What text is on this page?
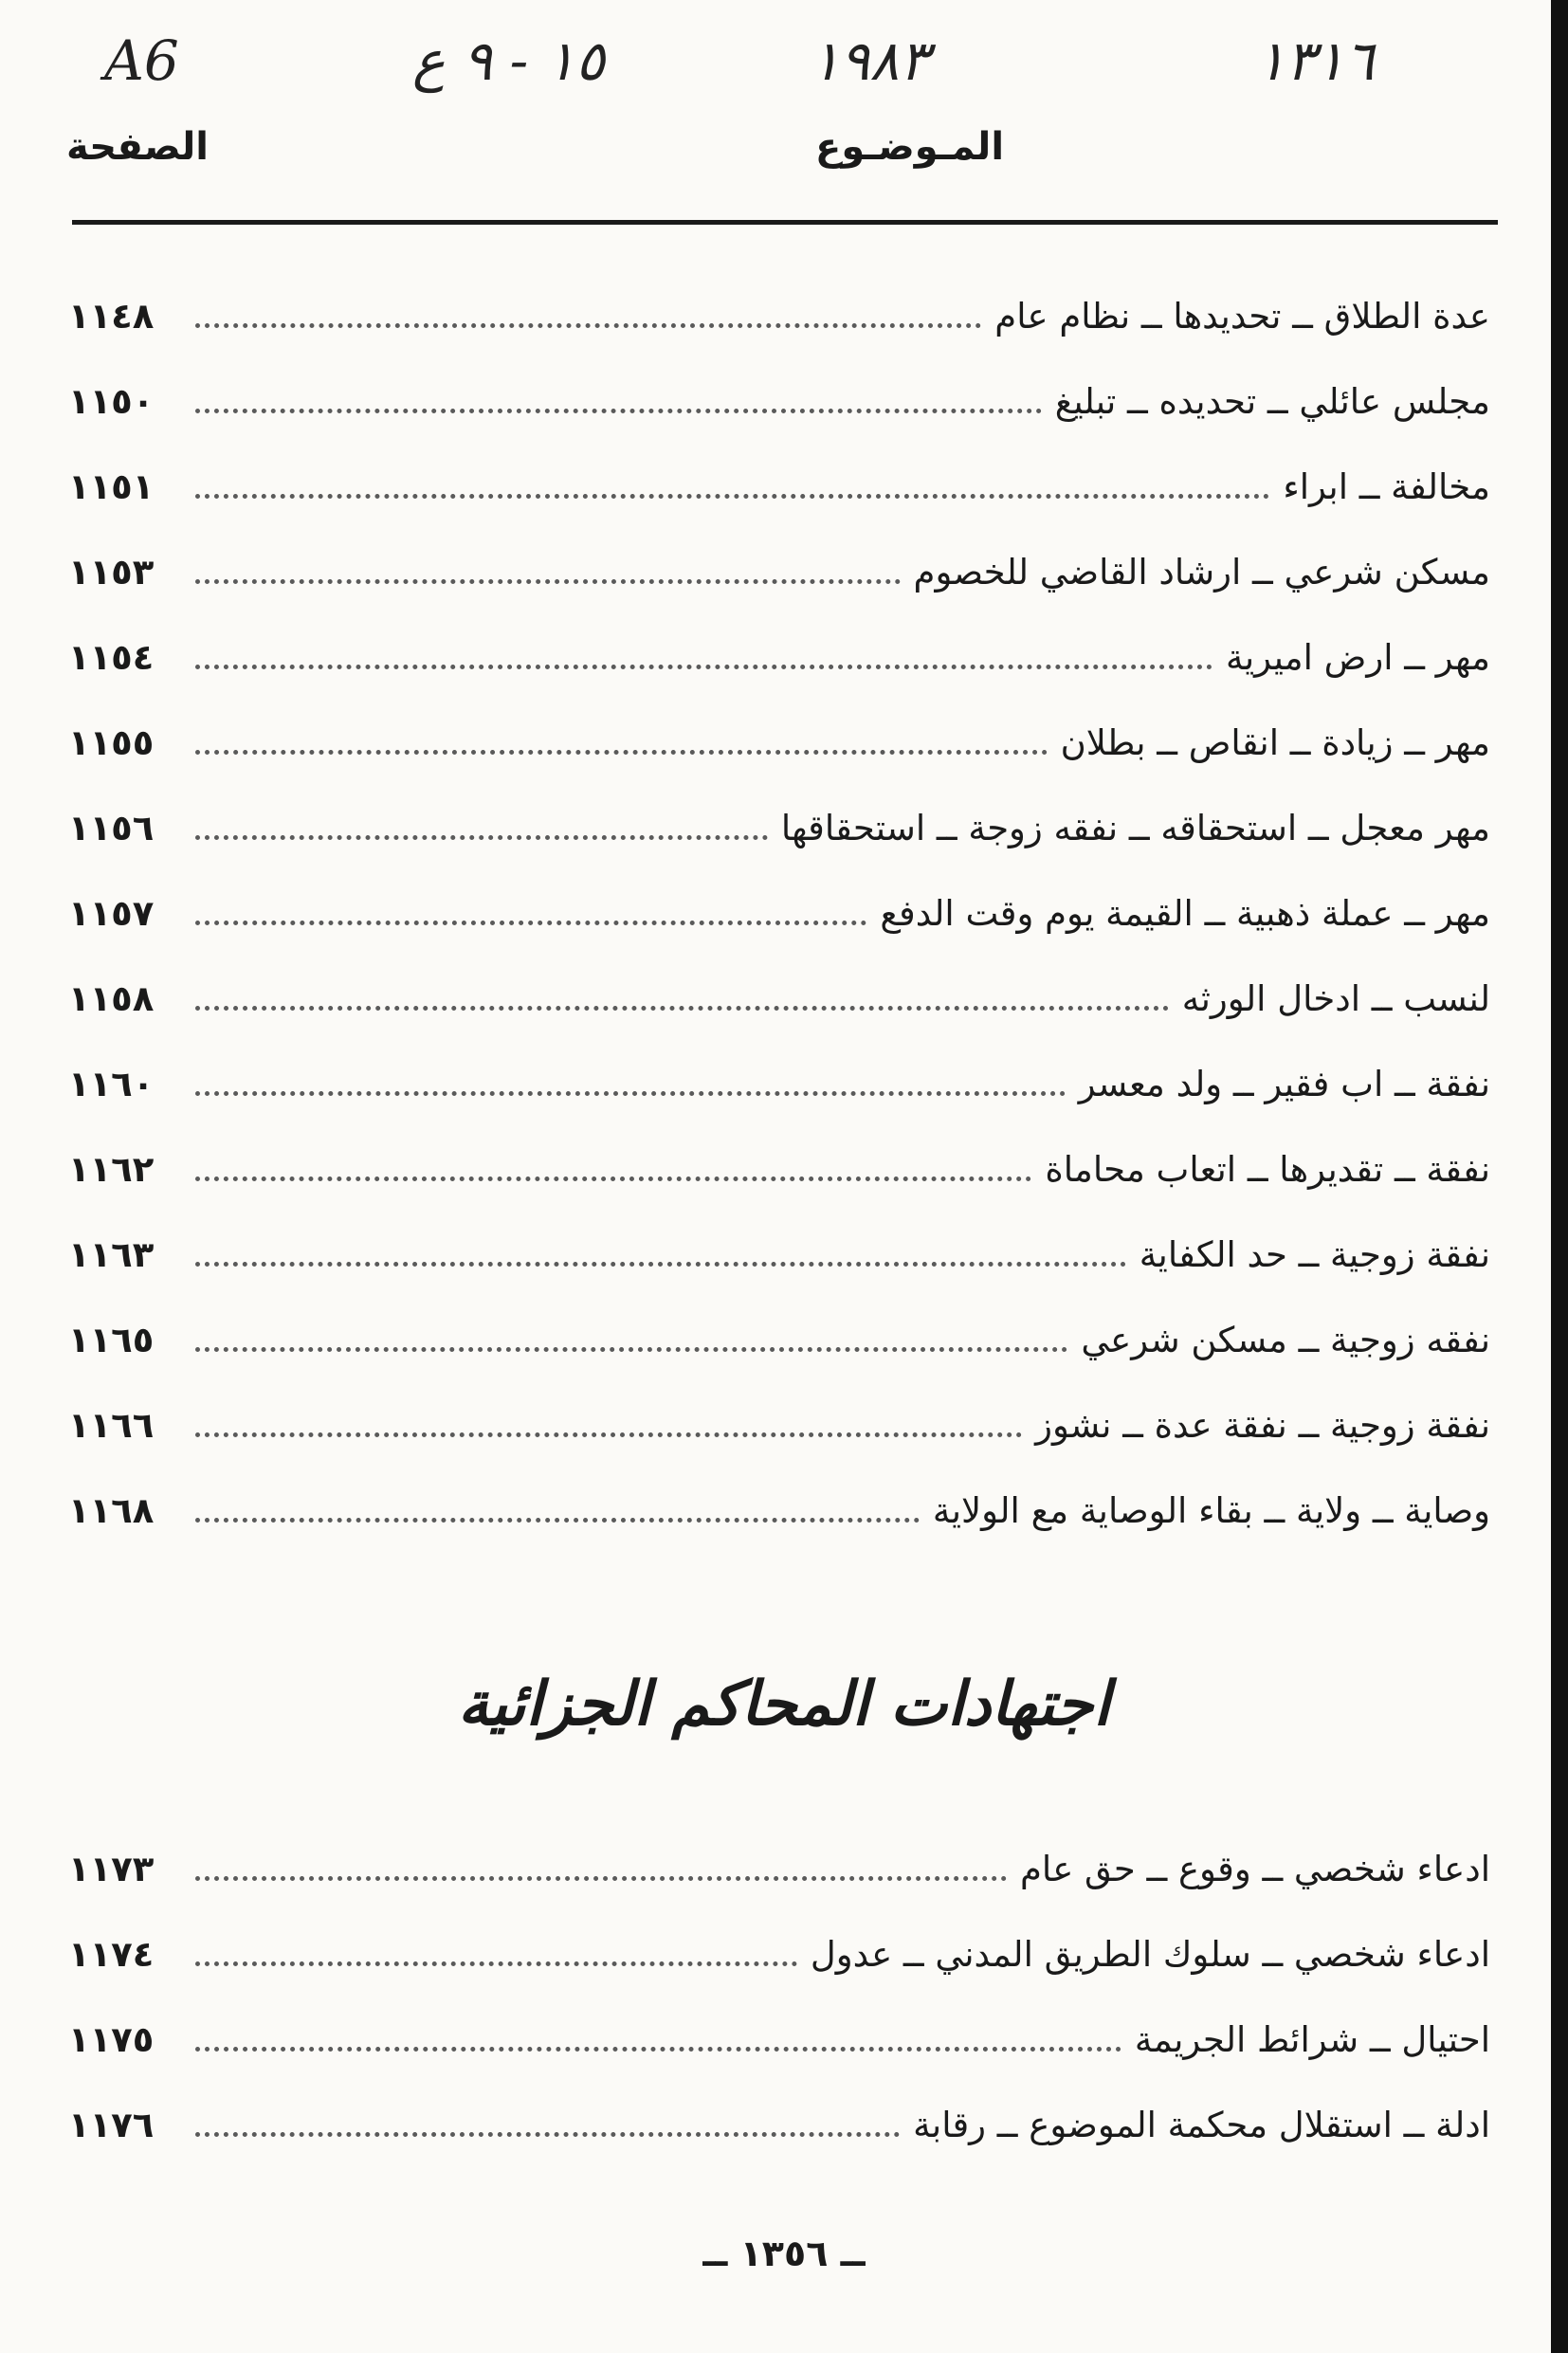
A6	١٥ - ٩ ع	١٩٨٣	١٣١٦
الصفحة	المـوضـوع
١١٤٨	عدة الطلاق ــ تحديدها ــ نظام عام
١١٥٠	مجلس عائلي ــ تحديده ــ تبليغ
١١٥١	مخالفة ــ ابراء
١١٥٣	مسكن شرعي ــ ارشاد القاضي للخصوم
١١٥٤	مهر ــ ارض اميرية
١١٥٥	مهر ــ زيادة ــ انقاص ــ بطلان
١١٥٦	مهر معجل ــ استحقاقه ــ نفقه زوجة ــ استحقاقها
١١٥٧	مهر ــ عملة ذهبية ــ القيمة يوم وقت الدفع
١١٥٨	لنسب ــ ادخال الورثه
١١٦٠	نفقة ــ اب فقير ــ ولد معسر
١١٦٢	نفقة ــ تقديرها ــ اتعاب محاماة
١١٦٣	نفقة زوجية ــ حد الكفاية
١١٦٥	نفقه زوجية ــ مسكن شرعي
١١٦٦	نفقة زوجية ــ نفقة عدة ــ نشوز
١١٦٨	وصاية ــ ولاية ــ بقاء الوصاية مع الولاية
اجتهادات المحاكم الجزائية
١١٧٣	ادعاء شخصي ــ وقوع ــ حق عام
١١٧٤	ادعاء شخصي ــ سلوك الطريق المدني ــ عدول
١١٧٥	احتيال ــ شرائط الجريمة
١١٧٦	ادلة ــ استقلال محكمة الموضوع ــ رقابة
ــ ١٣٥٦ ــ
